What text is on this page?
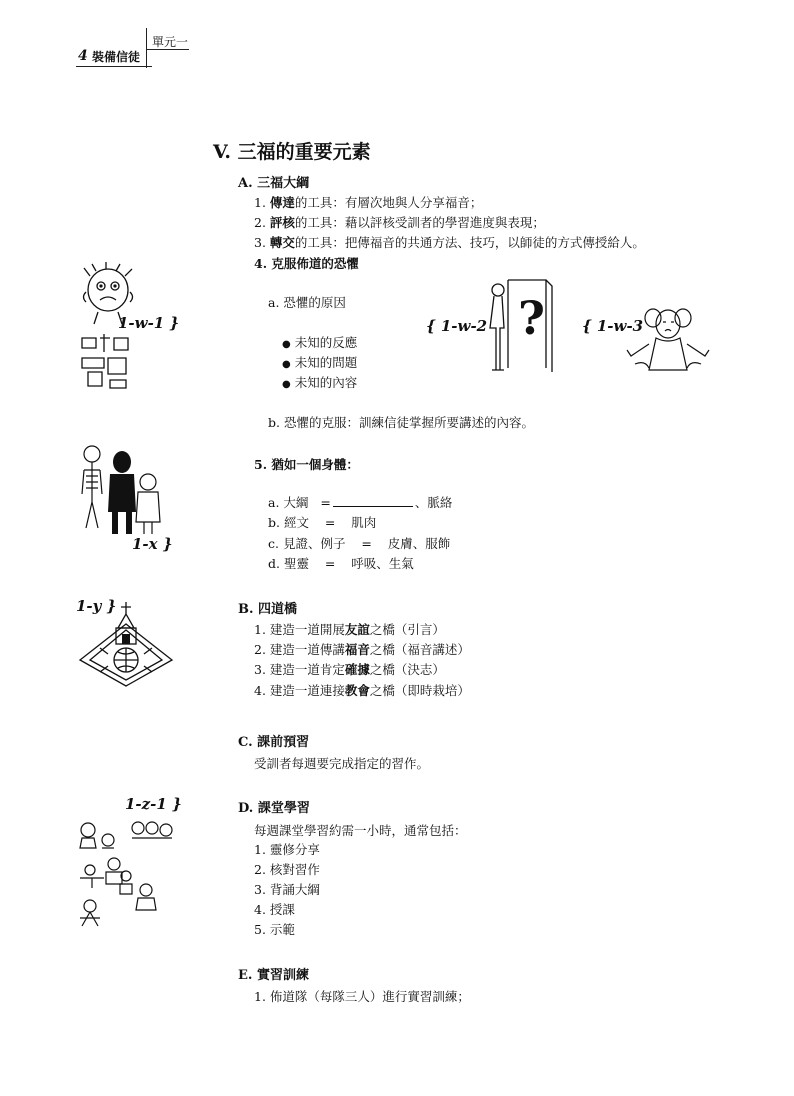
4 裝備信徒
單元一
V. 三福的重要元素
A. 三福大綱
1. 傳達的工具：有層次地與人分享福音；
2. 評核的工具：藉以評核受訓者的學習進度與表現；
3. 轉交的工具：把傳福音的共通方法、技巧，以師徒的方式傳授給人。
4. 克服佈道的恐懼
a. 恐懼的原因
● 未知的反應
● 未知的問題
● 未知的內容
b. 恐懼的克服：訓練信徒掌握所要講述的內容。
5. 猶如一個身體：
a. 大綱 =	、脈絡
b. 經文 = 肌肉
c. 見證、例子 = 皮膚、服飾
d. 聖靈 = 呼吸、生氣
B. 四道橋
1. 建造一道開展友誼之橋（引言）
2. 建造一道傳講福音之橋（福音講述）
3. 建造一道肯定確據之橋（決志）
4. 建造一道連接教會之橋（即時栽培）
C. 課前預習
受訓者每週要完成指定的習作。
D. 課堂學習
每週課堂學習約需一小時，通常包括：
1. 靈修分享
2. 核對習作
3. 背誦大綱
4. 授課
5. 示範
E. 實習訓練
1. 佈道隊（每隊三人）進行實習訓練；
1-w-1 }	{ 1-w-2	{ 1-w-3
1-x }
1-y }
1-z-1 }
?
